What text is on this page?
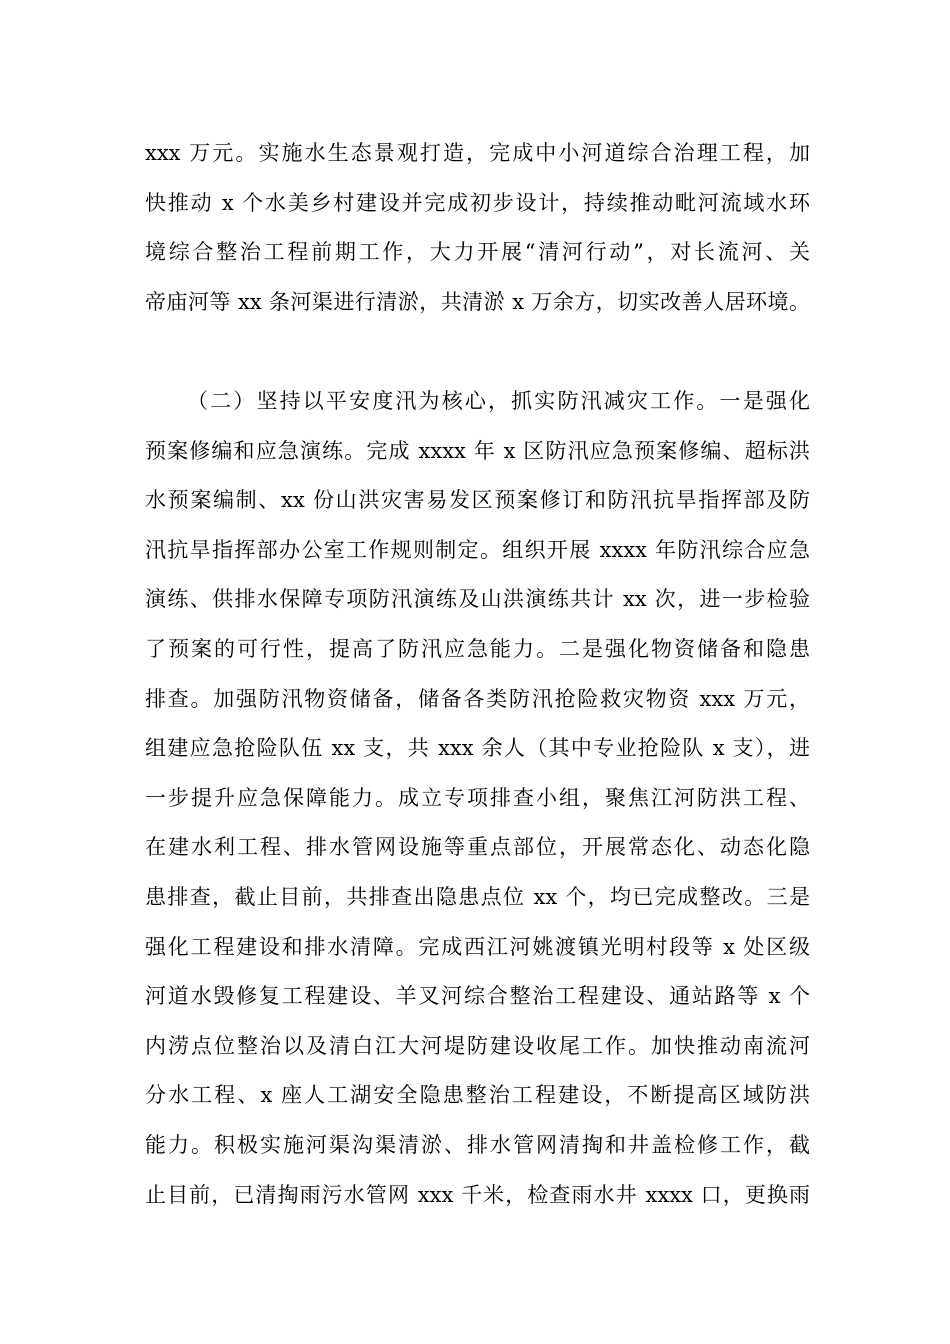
xxx 万元。实施水生态景观打造，完成中小河道综合治理工程，加
快推动 x 个水美乡村建设并完成初步设计，持续推动毗河流域水环
境综合整治工程前期工作，大力开展“清河行动”，对长流河、关
帝庙河等 xx 条河渠进行清淤，共清淤 x 万余方，切实改善人居环境。
（二）坚持以平安度汛为核心，抓实防汛减灾工作。一是强化
预案修编和应急演练。完成 xxxx 年 x 区防汛应急预案修编、超标洪
水预案编制、xx 份山洪灾害易发区预案修订和防汛抗旱指挥部及防
汛抗旱指挥部办公室工作规则制定。组织开展 xxxx 年防汛综合应急
演练、供排水保障专项防汛演练及山洪演练共计 xx 次，进一步检验
了预案的可行性，提高了防汛应急能力。二是强化物资储备和隐患
排查。加强防汛物资储备，储备各类防汛抢险救灾物资 xxx 万元，
组建应急抢险队伍 xx 支，共 xxx 余人（其中专业抢险队 x 支），进
一步提升应急保障能力。成立专项排查小组，聚焦江河防洪工程、
在建水利工程、排水管网设施等重点部位，开展常态化、动态化隐
患排查，截止目前，共排查出隐患点位 xx 个，均已完成整改。三是
强化工程建设和排水清障。完成西江河姚渡镇光明村段等 x 处区级
河道水毁修复工程建设、羊叉河综合整治工程建设、通站路等 x 个
内涝点位整治以及清白江大河堤防建设收尾工作。加快推动南流河
分水工程、x 座人工湖安全隐患整治工程建设，不断提高区域防洪
能力。积极实施河渠沟渠清淤、排水管网清掏和井盖检修工作，截
止目前，已清掏雨污水管网 xxx 千米，检查雨水井 xxxx 口，更换雨
